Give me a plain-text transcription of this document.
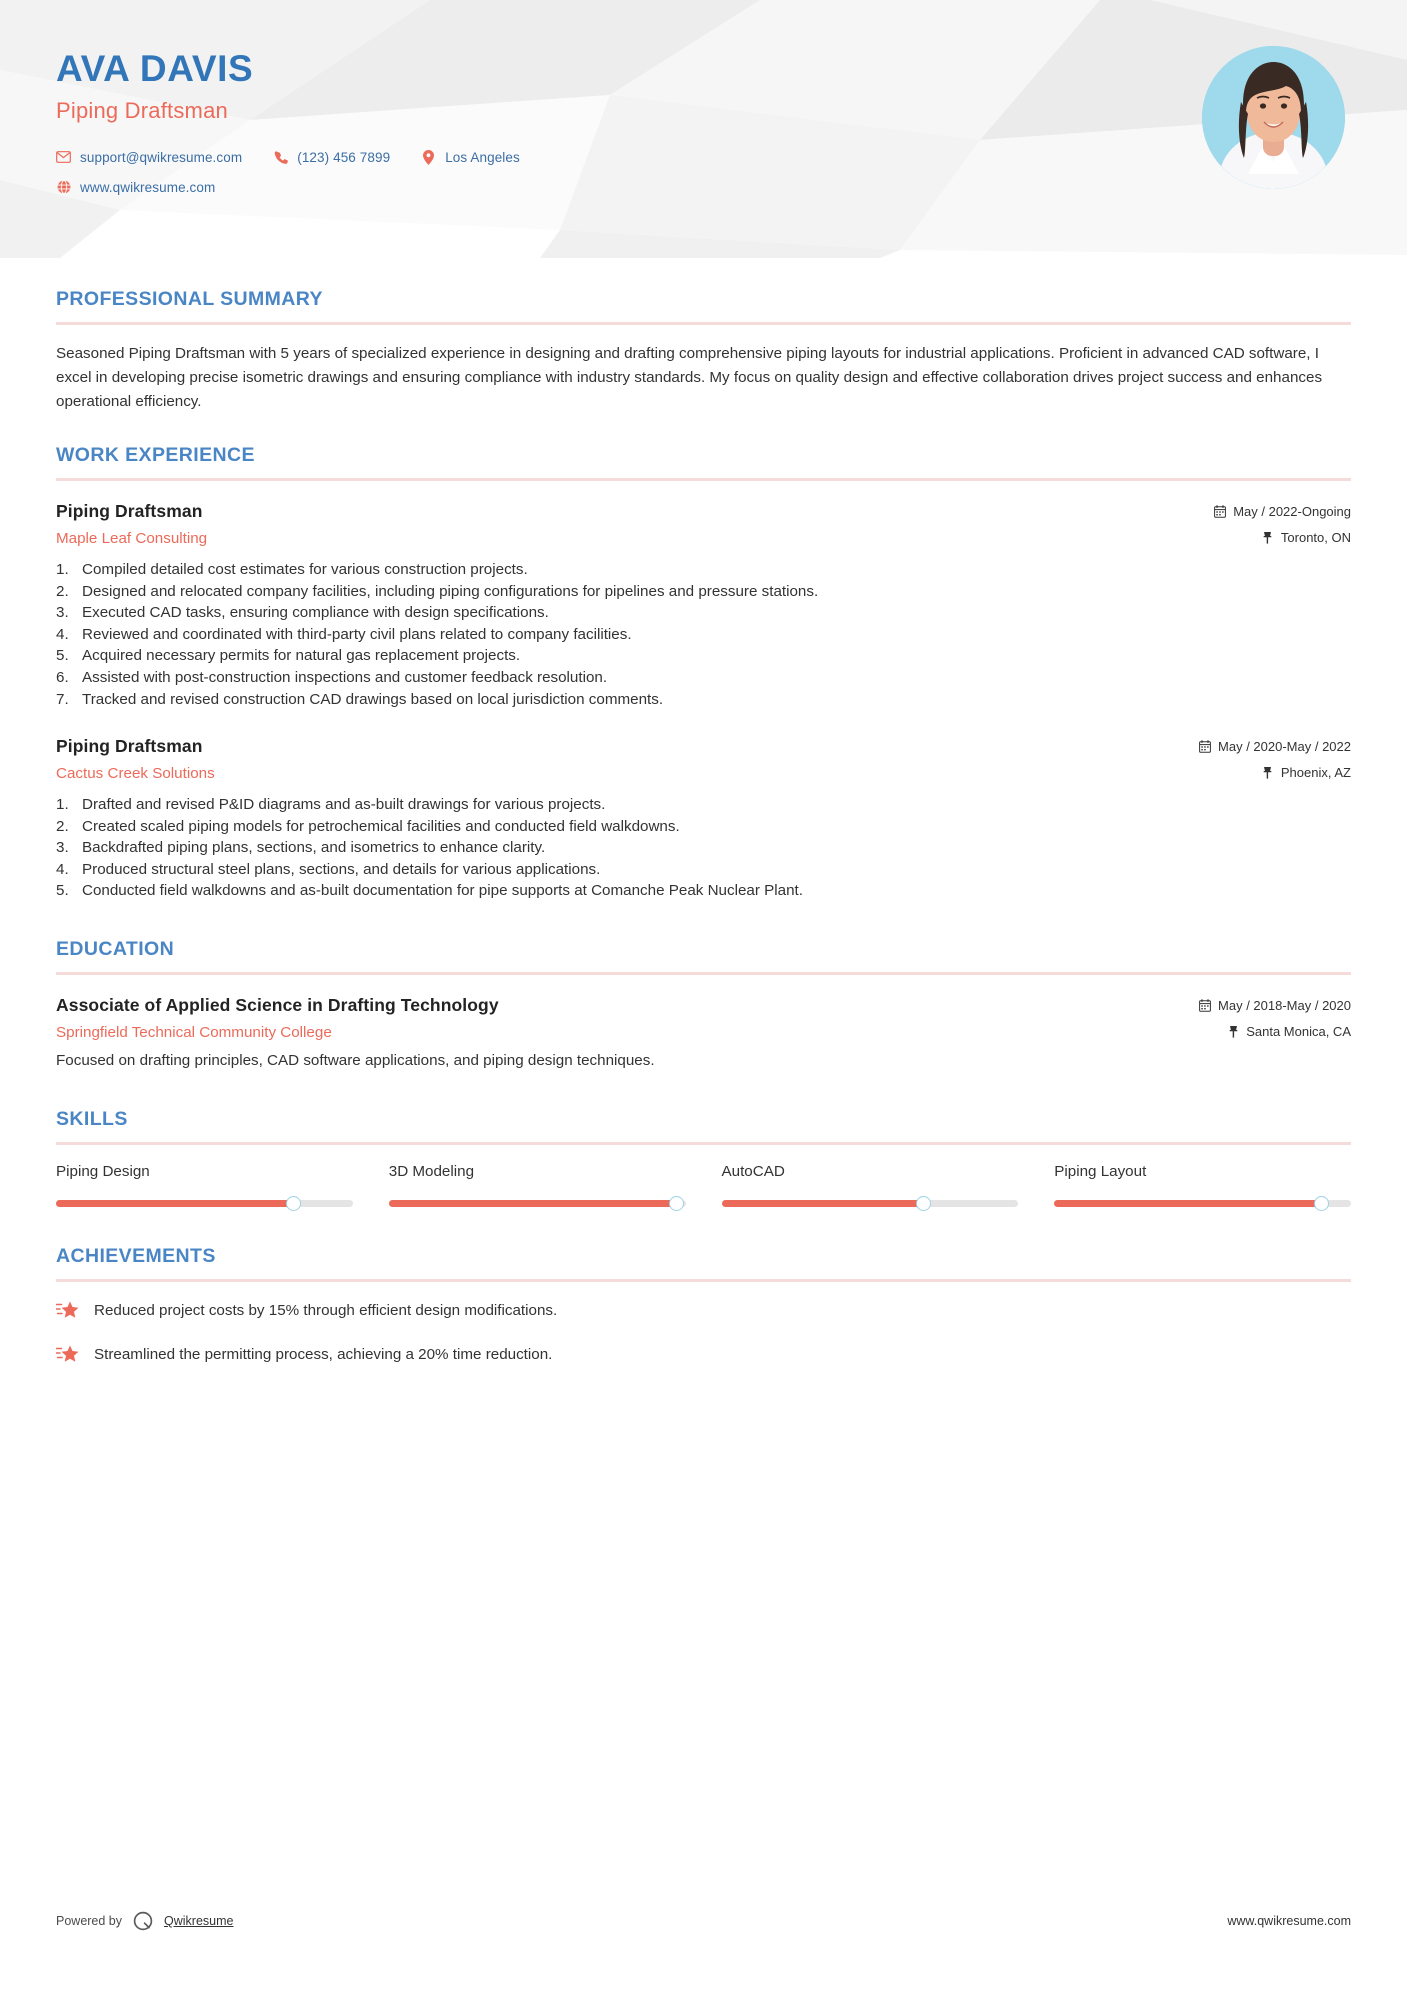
AVA DAVIS
Piping Draftsman
support@qwikresume.com	(123) 456 7899	Los Angeles
www.qwikresume.com
PROFESSIONAL SUMMARY

Seasoned Piping Draftsman with 5 years of specialized experience in designing and drafting comprehensive piping layouts for industrial applications. Proficient in advanced CAD software, I excel in developing precise isometric drawings and ensuring compliance with industry standards. My focus on quality design and effective collaboration drives project success and enhances operational efficiency.

WORK EXPERIENCE
Piping Draftsman
Maple Leaf Consulting
May / 2022-Ongoing
Toronto, ON
1. Compiled detailed cost estimates for various construction projects.
2. Designed and relocated company facilities, including piping configurations for pipelines and pressure stations.
3. Executed CAD tasks, ensuring compliance with design specifications.
4. Reviewed and coordinated with third-party civil plans related to company facilities.
5. Acquired necessary permits for natural gas replacement projects.
6. Assisted with post-construction inspections and customer feedback resolution.
7. Tracked and revised construction CAD drawings based on local jurisdiction comments.
Piping Draftsman
Cactus Creek Solutions
May / 2020-May / 2022
Phoenix, AZ
1. Drafted and revised P&ID diagrams and as-built drawings for various projects.
2. Created scaled piping models for petrochemical facilities and conducted field walkdowns.
3. Backdrafted piping plans, sections, and isometrics to enhance clarity.
4. Produced structural steel plans, sections, and details for various applications.
5. Conducted field walkdowns and as-built documentation for pipe supports at Comanche Peak Nuclear Plant.
EDUCATION
Associate of Applied Science in Drafting Technology
Springfield Technical Community College
May / 2018-May / 2020
Santa Monica, CA
Focused on drafting principles, CAD software applications, and piping design techniques.
SKILLS
Piping Design	3D Modeling	AutoCAD	Piping Layout
ACHIEVEMENTS
Reduced project costs by 15% through efficient design modifications.
Streamlined the permitting process, achieving a 20% time reduction.
Powered by	Qwikresume	www.qwikresume.com
